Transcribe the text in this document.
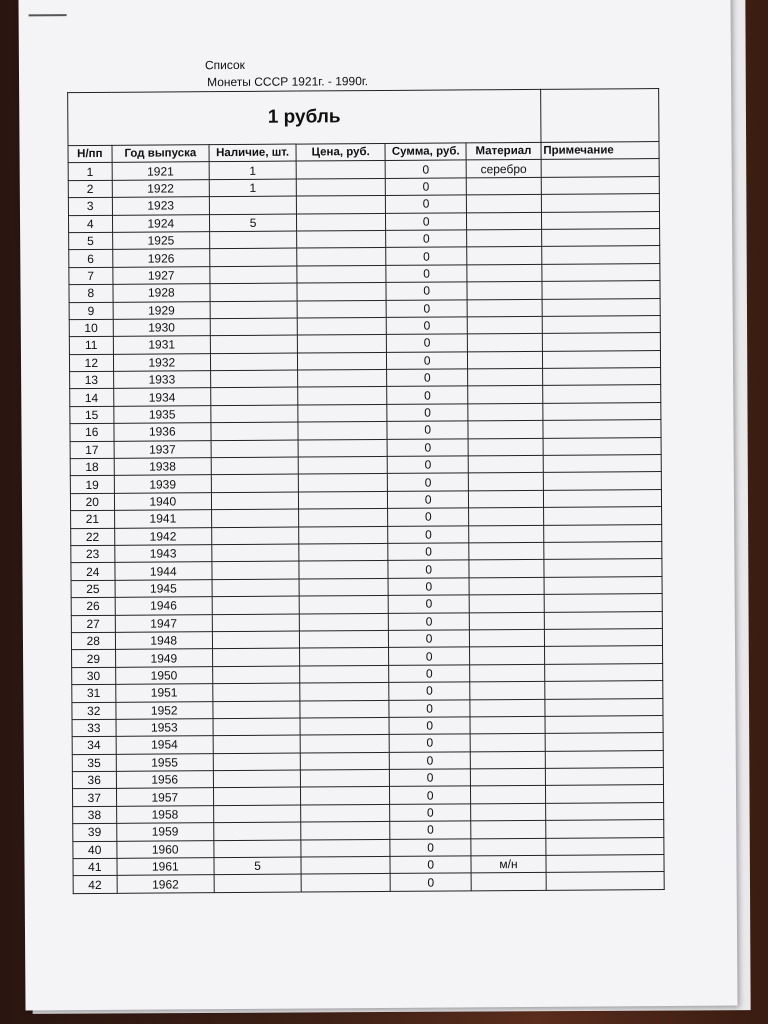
Список
Монеты СССР 1921г. - 1990г.
1 рубль						
Н/пп	Год выпуска	Наличие, шт.	Цена, руб.	Сумма, руб.	Материал	Примечание
1	1921	1		0	серебро	
2	1922	1		0		
3	1923			0		
4	1924	5		0		
5	1925			0		
6	1926			0		
7	1927			0		
8	1928			0		
9	1929			0		
10	1930			0		
11	1931			0		
12	1932			0		
13	1933			0		
14	1934			0		
15	1935			0		
16	1936			0		
17	1937			0		
18	1938			0		
19	1939			0		
20	1940			0		
21	1941			0		
22	1942			0		
23	1943			0		
24	1944			0		
25	1945			0		
26	1946			0		
27	1947			0		
28	1948			0		
29	1949			0		
30	1950			0		
31	1951			0		
32	1952			0		
33	1953			0		
34	1954			0		
35	1955			0		
36	1956			0		
37	1957			0		
38	1958			0		
39	1959			0		
40	1960			0		
41	1961	5		0	м/н	
42	1962			0		
